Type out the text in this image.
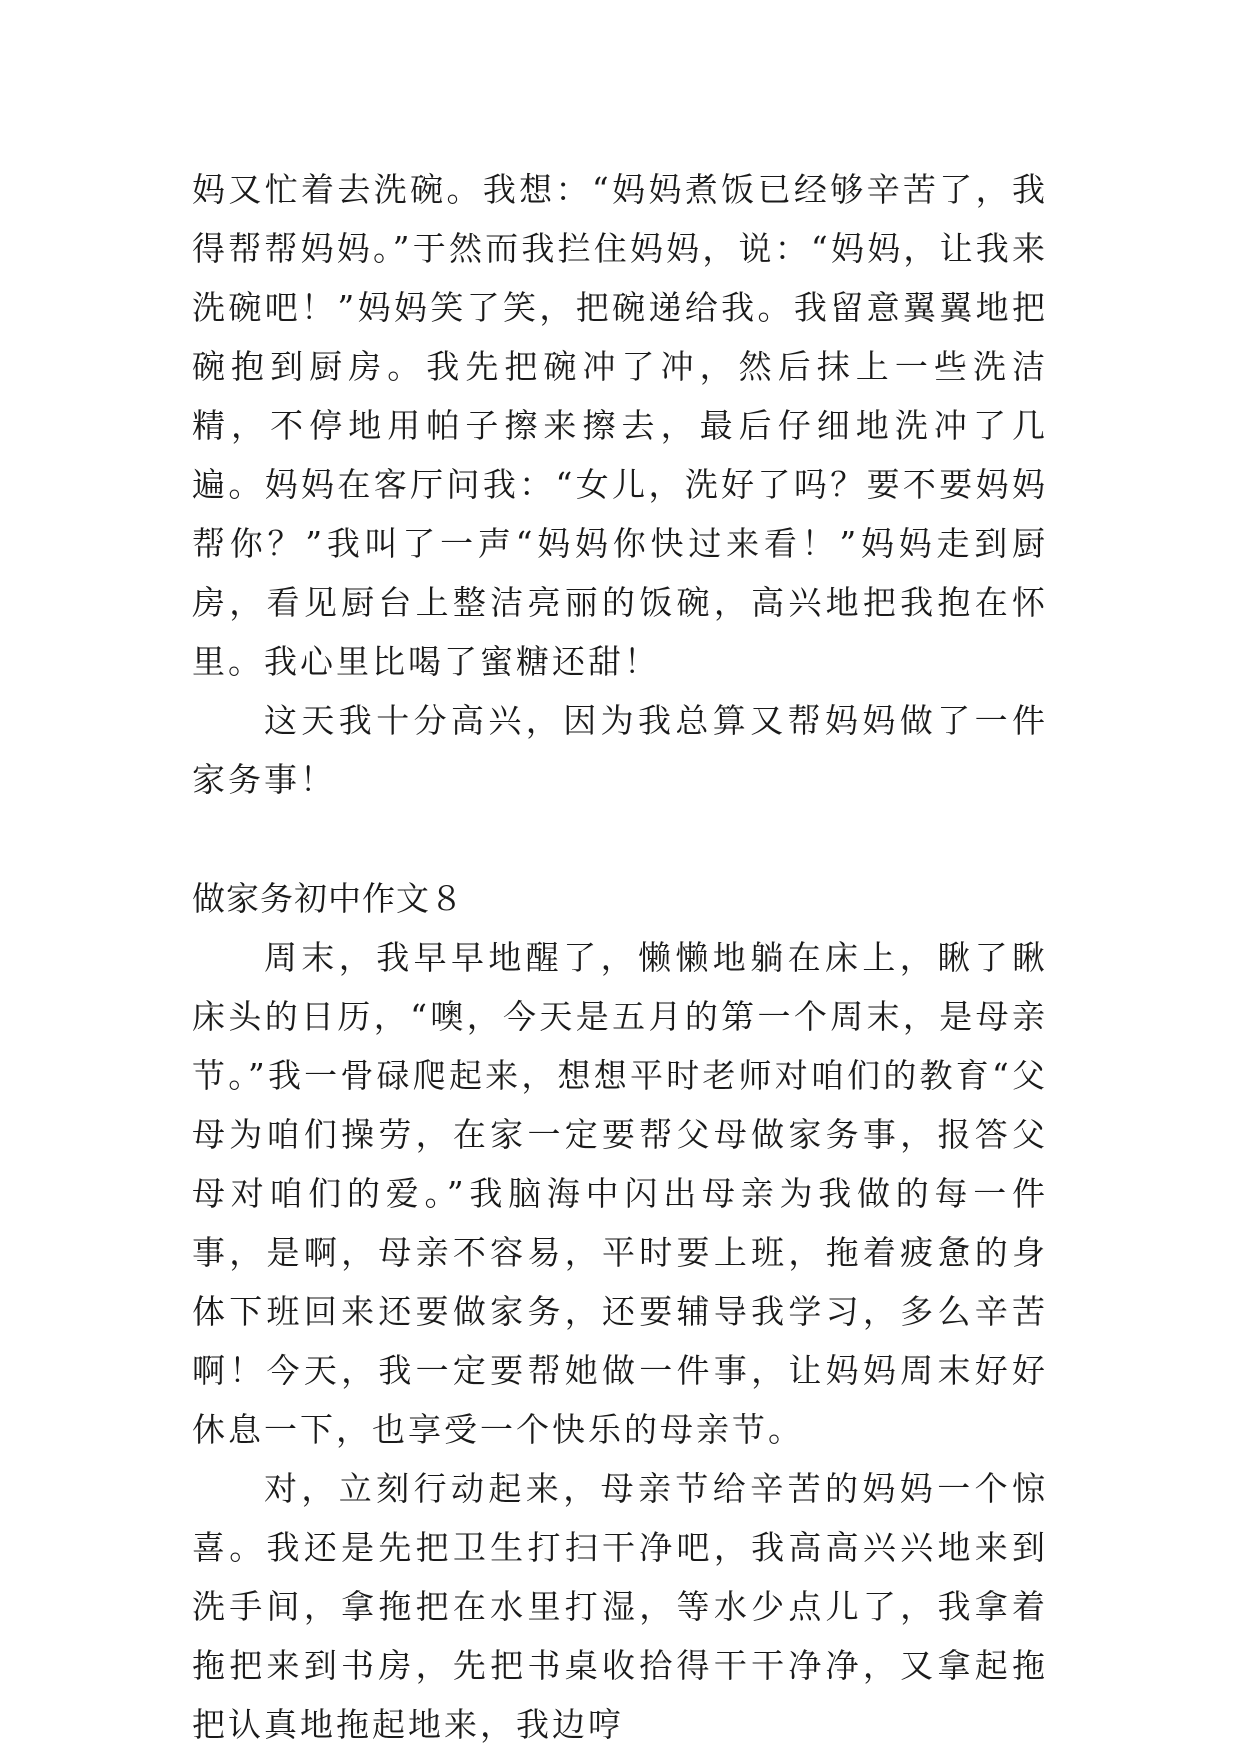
妈又忙着去洗碗。我想：“妈妈煮饭已经够辛苦了，我得帮帮妈妈。”于然而我拦住妈妈，说：“妈妈，让我来洗碗吧！”妈妈笑了笑，把碗递给我。我留意翼翼地把碗抱到厨房。我先把碗冲了冲，然后抹上一些洗洁精，不停地用帕子擦来擦去，最后仔细地洗冲了几遍。妈妈在客厅问我：“女儿，洗好了吗？要不要妈妈帮你？”我叫了一声“妈妈你快过来看！”妈妈走到厨房，看见厨台上整洁亮丽的饭碗，高兴地把我抱在怀里。我心里比喝了蜜糖还甜！

这天我十分高兴，因为我总算又帮妈妈做了一件家务事！

做家务初中作文８

周末，我早早地醒了，懒懒地躺在床上，瞅了瞅床头的日历，“噢，今天是五月的第一个周末，是母亲节。”我一骨碌爬起来，想想平时老师对咱们的教育“父母为咱们操劳，在家一定要帮父母做家务事，报答父母对咱们的爱。”我脑海中闪出母亲为我做的每一件事，是啊，母亲不容易，平时要上班，拖着疲惫的身体下班回来还要做家务，还要辅导我学习，多么辛苦啊！今天，我一定要帮她做一件事，让妈妈周末好好休息一下，也享受一个快乐的母亲节。

对，立刻行动起来，母亲节给辛苦的妈妈一个惊喜。我还是先把卫生打扫干净吧，我高高兴兴地来到洗手间，拿拖把在水里打湿，等水少点儿了，我拿着拖把来到书房，先把书桌收拾得干干净净，又拿起拖把认真地拖起地来，我边哼
